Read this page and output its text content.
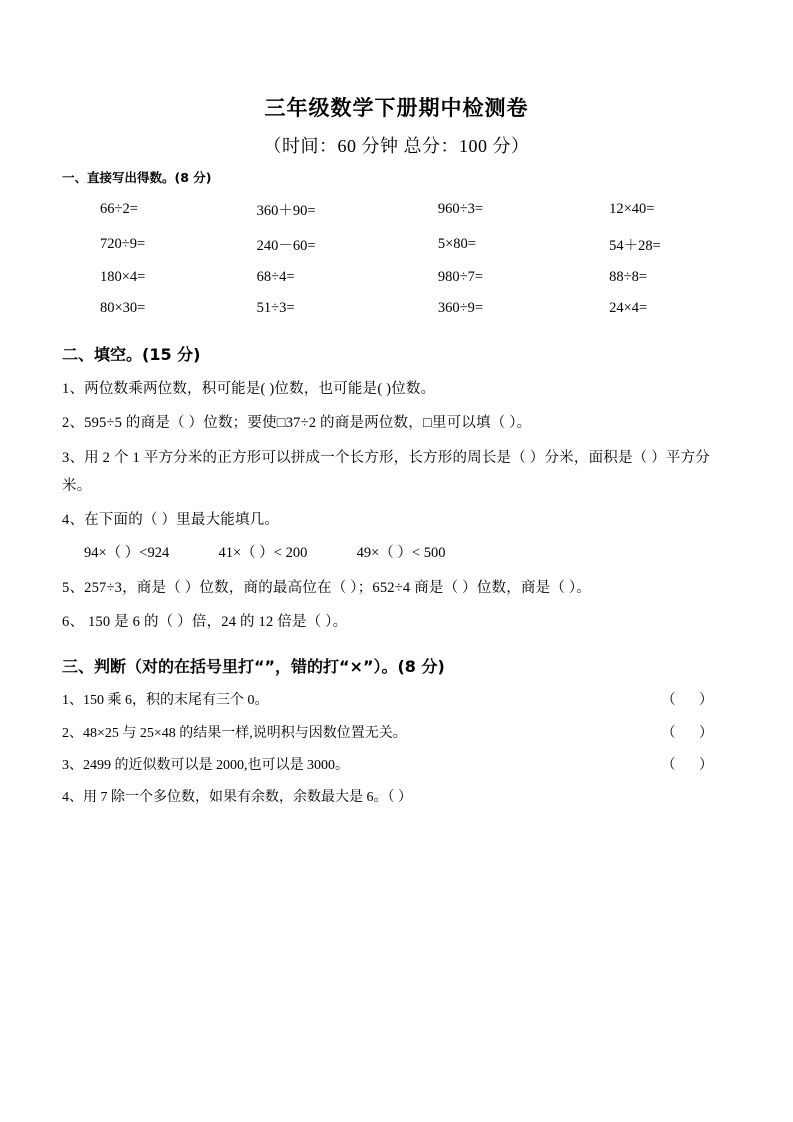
三年级数学下册期中检测卷
（时间：60 分钟 总分：100 分）
一、直接写出得数。(8 分)
66÷2=	360＋90=	960÷3=	12×40=
720÷9=	240－60=	5×80=	54＋28=
180×4=	68÷4=	980÷7=	88÷8=
80×30=	51÷3=	360÷9=	24×4=
二、填空。(15 分)
1、两位数乘两位数，积可能是( )位数，也可能是( )位数。
2、595÷5 的商是（ ）位数；要使□37÷2 的商是两位数，□里可以填（ ）。
3、用 2 个 1 平方分米的正方形可以拼成一个长方形，长方形的周长是（ ）分米，面积是（ ）平方分米。
4、在下面的（ ）里最大能填几。
94×（ ）<924	41×（ ）< 200	49×（ ）< 500
5、257÷3，商是（ ）位数，商的最高位在（ ）；652÷4 商是（ ）位数，商是（ ）。
6、 150 是 6 的（ ）倍，24 的 12 倍是（ ）。
三、判断（对的在括号里打“”，错的打“×”）。(8 分)
1、150 乘 6，积的末尾有三个 0。	（ ）
2、48×25 与 25×48 的结果一样,说明积与因数位置无关。	（ ）
3、2499 的近似数可以是 2000,也可以是 3000。	（ ）
4、用 7 除一个多位数，如果有余数，余数最大是 6。（ ）
